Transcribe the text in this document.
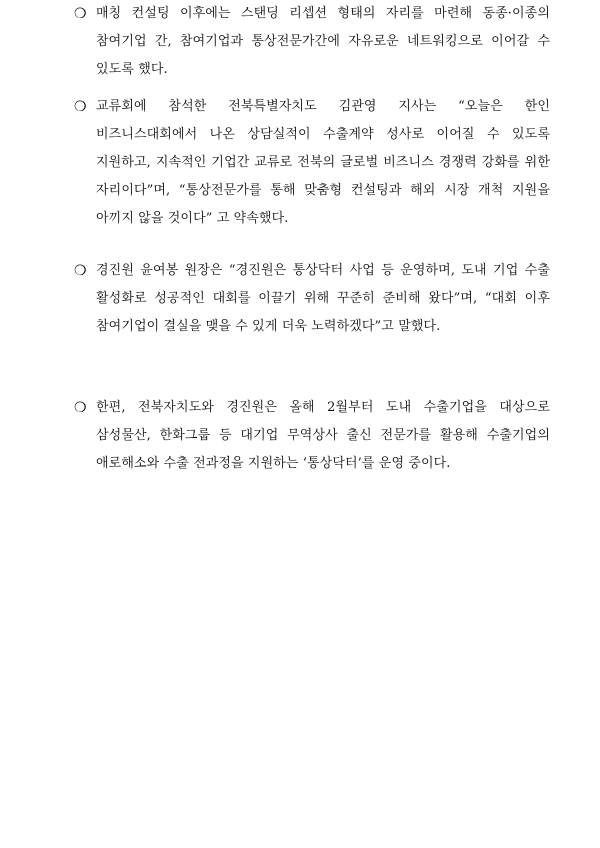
❍ 매칭 컨설팅 이후에는 스탠딩 리셉션 형태의 자리를 마련해 동종·이종의 참여기업 간, 참여기업과 통상전문가간에 자유로운 네트워킹으로 이어갈 수 있도록 했다.
❍ 교류회에 참석한 전북특별자치도 김관영 지사는 “오늘은 한인 비즈니스대회에서 나온 상담실적이 수출계약 성사로 이어질 수 있도록 지원하고, 지속적인 기업간 교류로 전북의 글로벌 비즈니스 경쟁력 강화를 위한 자리이다”며, “통상전문가를 통해 맞춤형 컨설팅과 해외 시장 개척 지원을 아끼지 않을 것이다” 고 약속했다.
❍ 경진원 윤여봉 원장은 “경진원은 통상닥터 사업 등 운영하며, 도내 기업 수출 활성화로 성공적인 대회를 이끌기 위해 꾸준히 준비해 왔다”며, “대회 이후 참여기업이 결실을 맺을 수 있게 더욱 노력하겠다”고 말했다.
❍ 한편, 전북자치도와 경진원은 올해 2월부터 도내 수출기업을 대상으로 삼성물산, 한화그룹 등 대기업 무역상사 출신 전문가를 활용해 수출기업의 애로해소와 수출 전과정을 지원하는 ‘통상닥터’를 운영 중이다.
